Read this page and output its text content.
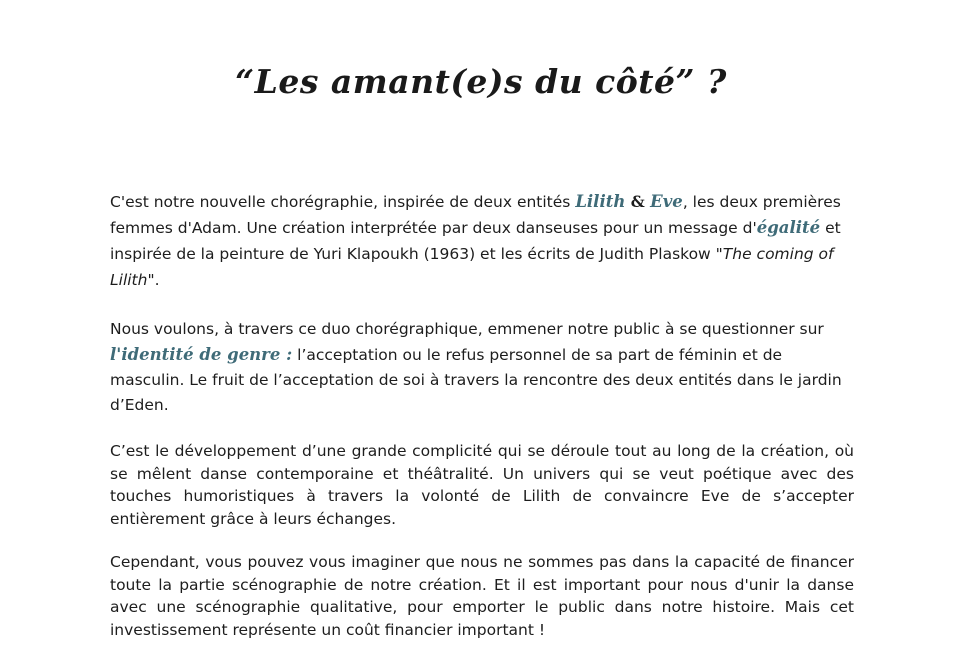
“Les amant(e)s du côté” ?

C'est notre nouvelle chorégraphie, inspirée de deux entités Lilith & Eve, les deux premières femmes d'Adam. Une création interprétée par deux danseuses pour un message d'égalité et inspirée de la peinture de Yuri Klapoukh (1963) et les écrits de Judith Plaskow "The coming of Lilith".

Nous voulons, à travers ce duo chorégraphique, emmener notre public à se questionner sur l'identité de genre : l’acceptation ou le refus personnel de sa part de féminin et de masculin. Le fruit de l’acceptation de soi à travers la rencontre des deux entités dans le jardin d’Eden.

C’est le développement d’une grande complicité qui se déroule tout au long de la création, où se mêlent danse contemporaine et théâtralité. Un univers qui se veut poétique avec des touches humoristiques à travers la volonté de Lilith de convaincre Eve de s’accepter entièrement grâce à leurs échanges.

Cependant, vous pouvez vous imaginer que nous ne sommes pas dans la capacité de financer toute la partie scénographie de notre création. Et il est important pour nous d'unir la danse avec une scénographie qualitative, pour emporter le public dans notre histoire. Mais cet investissement représente un coût financier important !
